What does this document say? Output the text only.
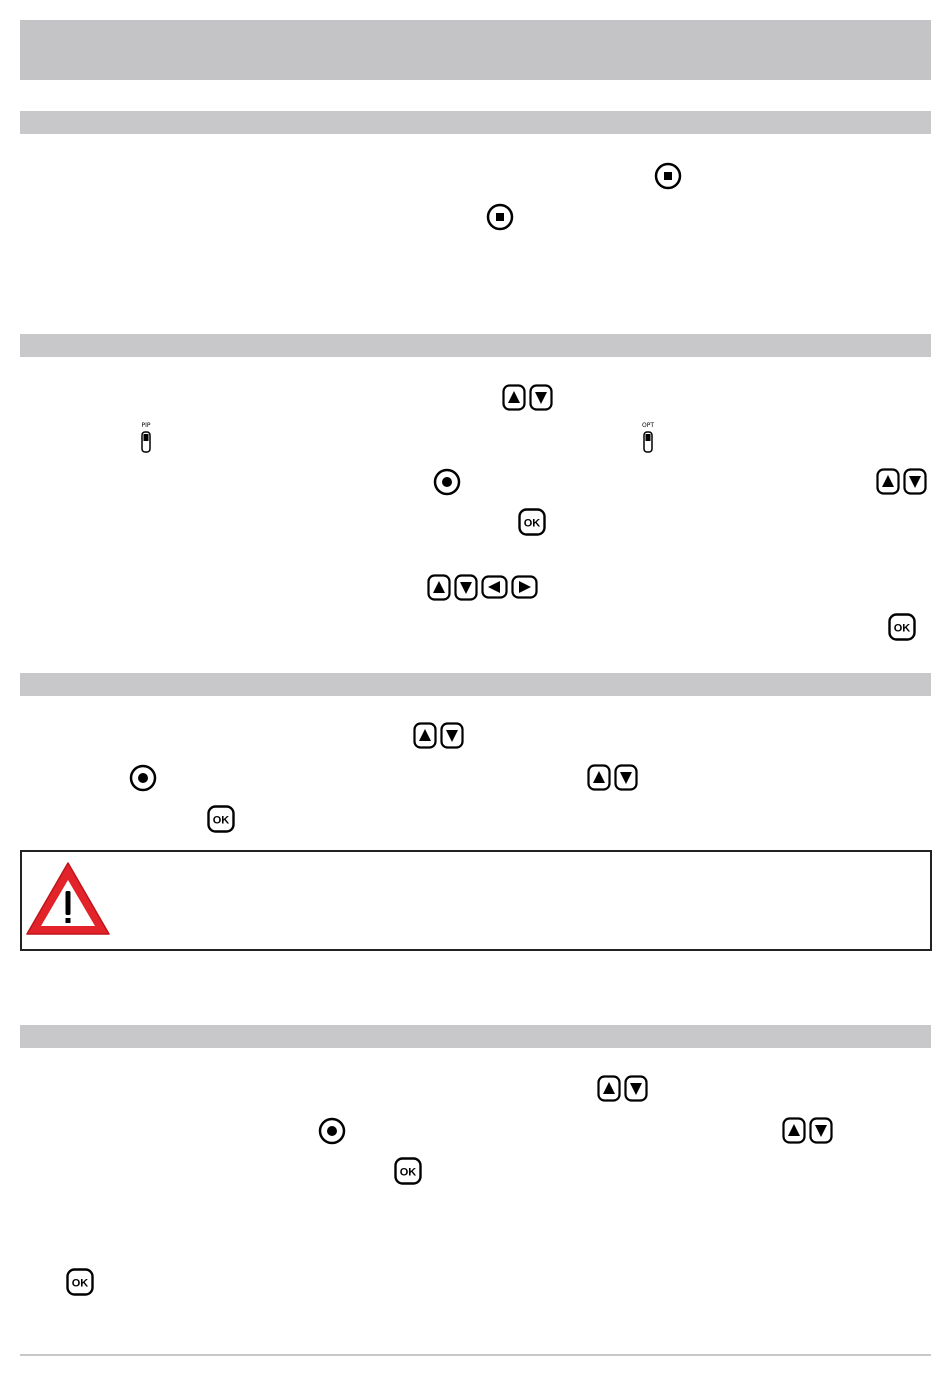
PIP	OPT
